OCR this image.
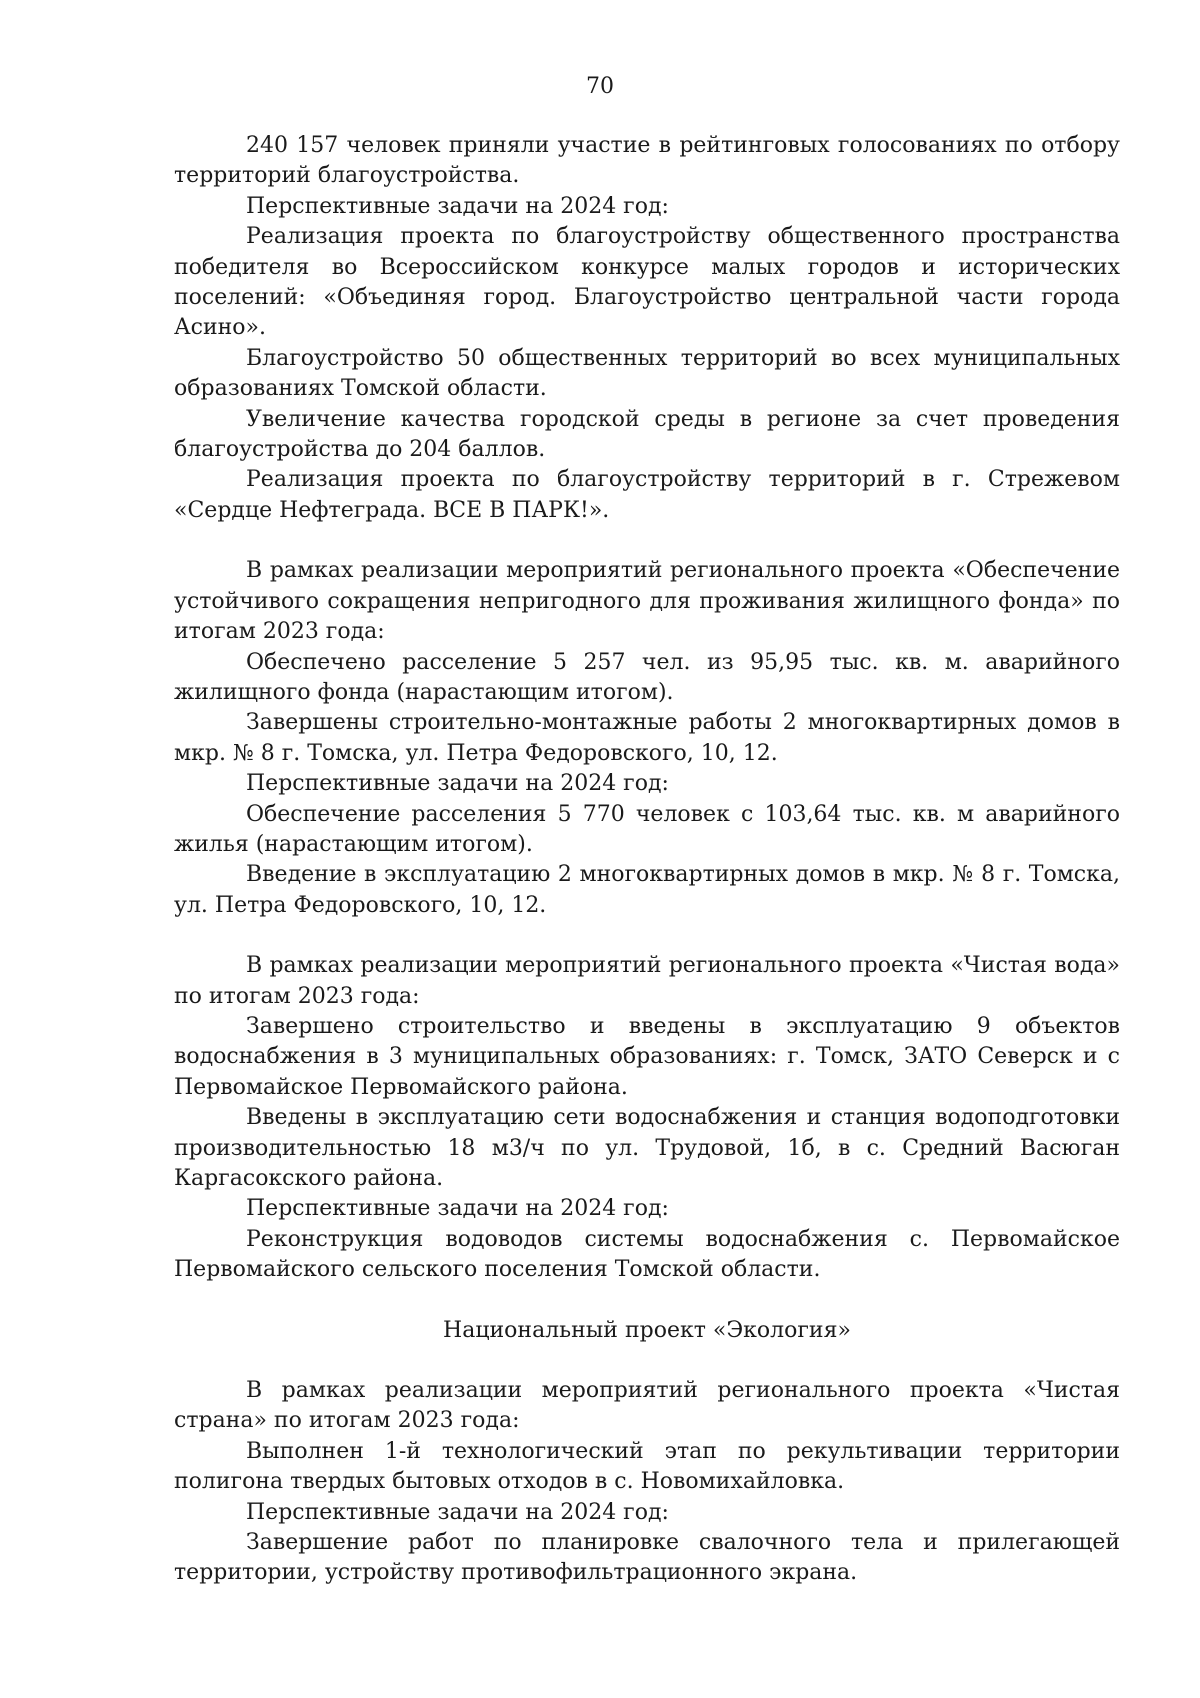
70

240 157 человек приняли участие в рейтинговых голосованиях по отбору территорий благоустройства.

Перспективные задачи на 2024 год:

Реализация проекта по благоустройству общественного пространства победителя во Всероссийском конкурсе малых городов и исторических поселений: «Объединяя город. Благоустройство центральной части города Асино».

Благоустройство 50 общественных территорий во всех муниципальных образованиях Томской области.

Увеличение качества городской среды в регионе за счет проведения благоустройства до 204 баллов.

Реализация проекта по благоустройству территорий в г. Стрежевом «Сердце Нефтеграда. ВСЕ В ПАРК!».

В рамках реализации мероприятий регионального проекта «Обеспечение устойчивого сокращения непригодного для проживания жилищного фонда» по итогам 2023 года:

Обеспечено расселение 5 257 чел. из 95,95 тыс. кв. м. аварийного жилищного фонда (нарастающим итогом).

Завершены строительно-монтажные работы 2 многоквартирных домов в мкр. № 8 г. Томска, ул. Петра Федоровского, 10, 12.

Перспективные задачи на 2024 год:

Обеспечение расселения 5 770 человек с 103,64 тыс. кв. м аварийного жилья (нарастающим итогом).

Введение в эксплуатацию 2 многоквартирных домов в мкр. № 8 г. Томска, ул. Петра Федоровского, 10, 12.

В рамках реализации мероприятий регионального проекта «Чистая вода» по итогам 2023 года:

Завершено строительство и введены в эксплуатацию 9 объектов водоснабжения в 3 муниципальных образованиях: г. Томск, ЗАТО Северск и с Первомайское Первомайского района.

Введены в эксплуатацию сети водоснабжения и станция водоподготовки производительностью 18 м3/ч по ул. Трудовой, 1б, в с. Средний Васюган Каргасокского района.

Перспективные задачи на 2024 год:

Реконструкция водоводов системы водоснабжения с. Первомайское Первомайского сельского поселения Томской области.

Национальный проект «Экология»

В рамках реализации мероприятий регионального проекта «Чистая страна» по итогам 2023 года:

Выполнен 1-й технологический этап по рекультивации территории полигона твердых бытовых отходов в с. Новомихайловка.

Перспективные задачи на 2024 год:

Завершение работ по планировке свалочного тела и прилегающей территории, устройству противофильтрационного экрана.
